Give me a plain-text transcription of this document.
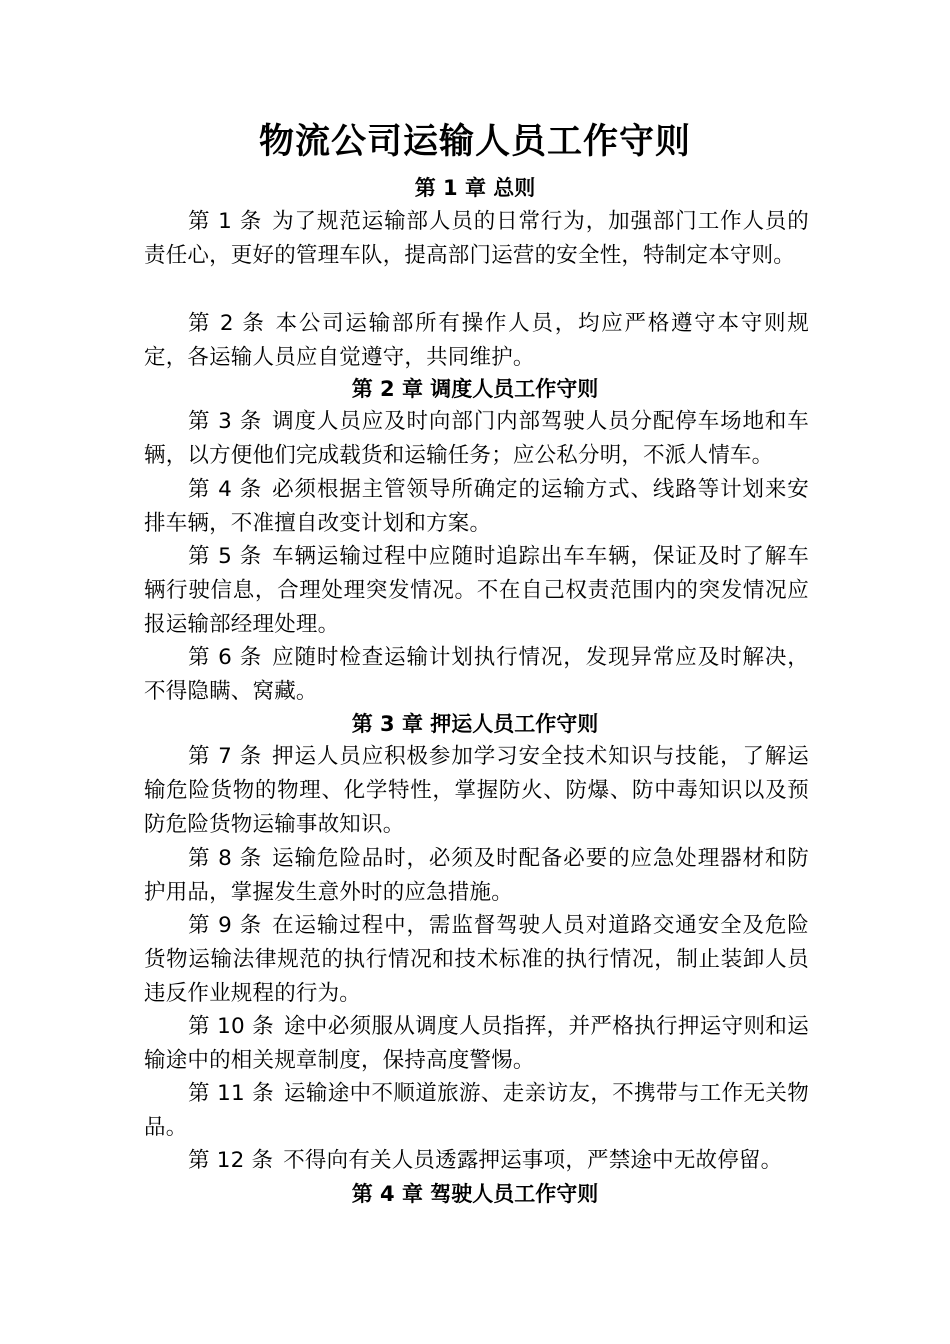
物流公司运输人员工作守则
第 1 章 总则
第 1 条 为了规范运输部人员的日常行为，加强部门工作人员的责任心，更好的管理车队，提高部门运营的安全性，特制定本守则。
第 2 条 本公司运输部所有操作人员，均应严格遵守本守则规定，各运输人员应自觉遵守，共同维护。
第 2 章 调度人员工作守则
第 3 条 调度人员应及时向部门内部驾驶人员分配停车场地和车辆，以方便他们完成载货和运输任务；应公私分明，不派人情车。
第 4 条 必须根据主管领导所确定的运输方式、线路等计划来安排车辆，不准擅自改变计划和方案。
第 5 条 车辆运输过程中应随时追踪出车车辆，保证及时了解车辆行驶信息，合理处理突发情况。不在自己权责范围内的突发情况应报运输部经理处理。
第 6 条 应随时检查运输计划执行情况，发现异常应及时解决，不得隐瞒、窝藏。
第 3 章 押运人员工作守则
第 7 条 押运人员应积极参加学习安全技术知识与技能，了解运输危险货物的物理、化学特性，掌握防火、防爆、防中毒知识以及预防危险货物运输事故知识。
第 8 条 运输危险品时，必须及时配备必要的应急处理器材和防护用品，掌握发生意外时的应急措施。
第 9 条 在运输过程中，需监督驾驶人员对道路交通安全及危险货物运输法律规范的执行情况和技术标准的执行情况，制止装卸人员违反作业规程的行为。
第 10 条 途中必须服从调度人员指挥，并严格执行押运守则和运输途中的相关规章制度，保持高度警惕。
第 11 条 运输途中不顺道旅游、走亲访友，不携带与工作无关物品。
第 12 条 不得向有关人员透露押运事项，严禁途中无故停留。
第 4 章 驾驶人员工作守则
